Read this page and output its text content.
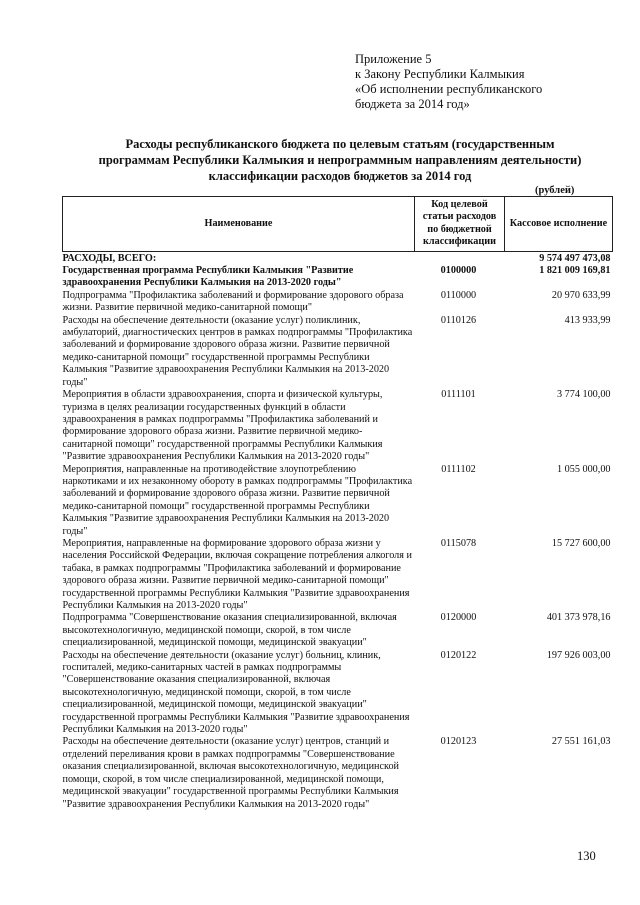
Приложение 5
к Закону Республики Калмыкия
«Об исполнении республиканского
бюджета за 2014 год»
Расходы республиканского бюджета по целевым статьям (государственным
программам Республики Калмыкия и непрограммным направлениям деятельности)
классификации расходов бюджетов за 2014 год
(рублей)
Наименование	Код целевой статьи расходов по бюджетной классификации	Кассовое исполнение
РАСХОДЫ, ВСЕГО:		9 574 497 473,08
Государственная программа Республики Калмыкия "Развитие здравоохранения Республики Калмыкия на 2013-2020 годы"	0100000	1 821 009 169,81
Подпрограмма "Профилактика заболеваний и формирование здорового образа жизни. Развитие первичной медико-санитарной помощи"	0110000	20 970 633,99
Расходы на обеспечение деятельности (оказание услуг) поликлиник, амбулаторий, диагностических центров в рамках подпрограммы "Профилактика заболеваний и формирование здорового образа жизни. Развитие первичной медико-санитарной помощи" государственной программы Республики Калмыкия "Развитие здравоохранения Республики Калмыкия на 2013-2020 годы"	0110126	413 933,99
Мероприятия в области здравоохранения, спорта и физической культуры, туризма в целях реализации государственных функций в области здравоохранения в рамках подпрограммы "Профилактика заболеваний и формирование здорового образа жизни. Развитие первичной медико-санитарной помощи" государственной программы Республики Калмыкия "Развитие здравоохранения Республики Калмыкия на 2013-2020 годы"	0111101	3 774 100,00
Мероприятия, направленные на противодействие злоупотреблению наркотиками и их незаконному обороту в рамках подпрограммы "Профилактика заболеваний и формирование здорового образа жизни. Развитие первичной медико-санитарной помощи" государственной программы Республики Калмыкия "Развитие здравоохранения Республики Калмыкия на 2013-2020 годы"	0111102	1 055 000,00
Мероприятия, направленные на формирование здорового образа жизни у населения Российской Федерации, включая сокращение потребления алкоголя и табака, в рамках подпрограммы "Профилактика заболеваний и формирование здорового образа жизни. Развитие первичной медико-санитарной помощи" государственной программы Республики Калмыкия "Развитие здравоохранения Республики Калмыкия на 2013-2020 годы"	0115078	15 727 600,00
Подпрограмма "Совершенствование оказания специализированной, включая высокотехнологичную, медицинской помощи, скорой, в том числе специализированной, медицинской помощи, медицинской эвакуации"	0120000	401 373 978,16
Расходы на обеспечение деятельности (оказание услуг) больниц, клиник, госпиталей, медико-санитарных частей в рамках подпрограммы "Совершенствование оказания специализированной, включая высокотехнологичную, медицинской помощи, скорой, в том числе специализированной, медицинской помощи, медицинской эвакуации" государственной программы Республики Калмыкия "Развитие здравоохранения Республики Калмыкия на 2013-2020 годы"	0120122	197 926 003,00
Расходы на обеспечение деятельности (оказание услуг) центров, станций и отделений переливания крови в рамках подпрограммы "Совершенствование оказания специализированной, включая высокотехнологичную, медицинской помощи, скорой, в том числе специализированной, медицинской помощи, медицинской эвакуации" государственной программы Республики Калмыкия "Развитие здравоохранения Республики Калмыкия на 2013-2020 годы"	0120123	27 551 161,03
130
